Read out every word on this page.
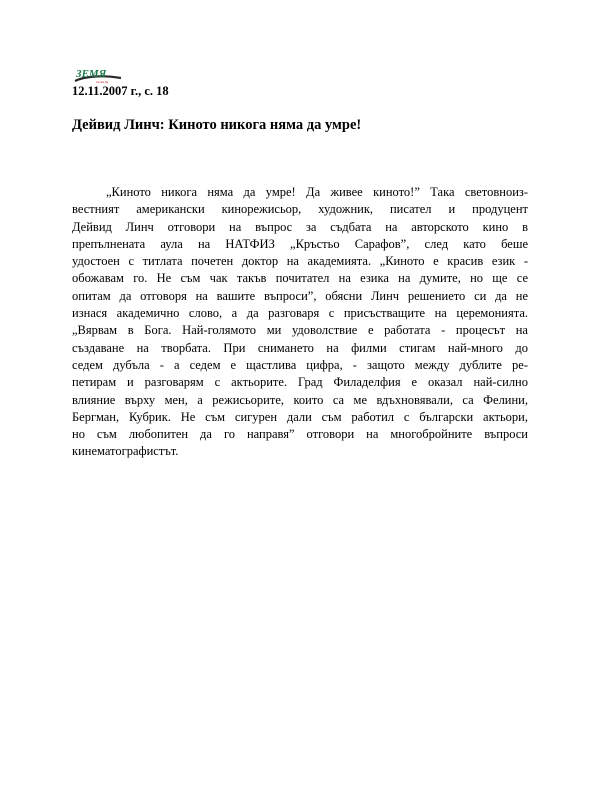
ЗЕМЯ
zemia.bg
12.11.2007 г., с. 18
Дейвид Линч: Киното никога няма да умре!
„Киното никога няма да умре! Да живее киното!” Така световноиз-
вестният американски кинорежисьор, художник, писател и продуцент
Дейвид Линч отговори на въпрос за съдбата на авторското кино в
препълнената аула на НАТФИЗ „Кръстьо Сарафов”, след като беше
удостоен с титлата почетен доктор на академията. „Киното е красив език -
обожавам го. Не съм чак такъв почитател на езика на думите, но ще се
опитам да отговоря на вашите въпроси”, обясни Линч решението си да не
изнася академично слово, а да разговаря с присъстващите на церемонията.
„Вярвам в Бога. Най-голямото ми удоволствие е работата - процесът на
създаване на творбата. При снимането на филми стигам най-много до
седем дубъла - а седем е щастлива цифра, - защото между дублите ре-
петирам и разговарям с актьорите. Град Филаделфия е оказал най-силно
влияние върху мен, а режисьорите, които са ме вдъхновявали, са Фелини,
Бергман, Кубрик. Не съм сигурен дали съм работил с български актьори,
но съм любопитен да го направя” отговори на многобройните въпроси
кинематографистът.
